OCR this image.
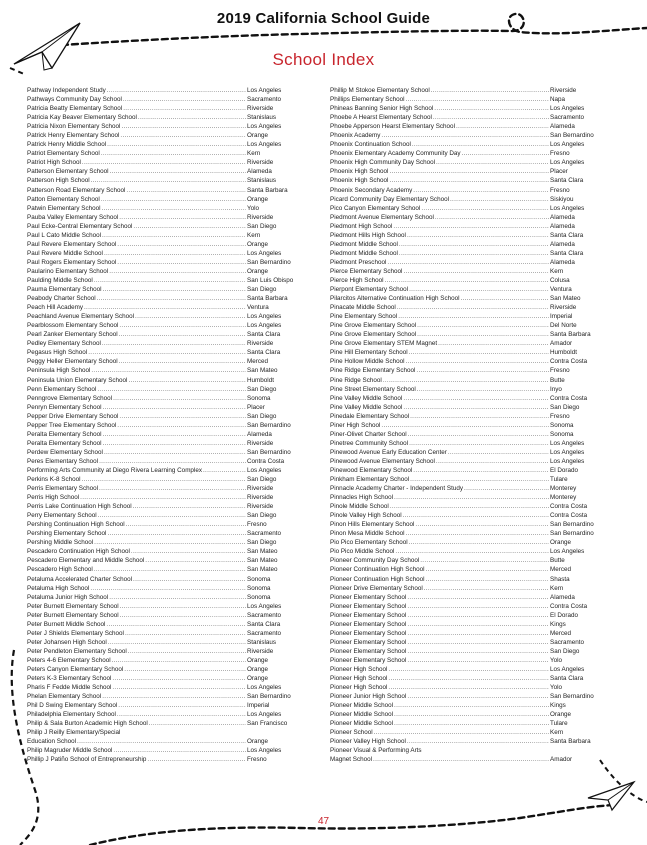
2019 California School Guide
School Index
Pathway Independent Study .....	Los Angeles
Pathways Community Day School .....	Sacramento
Patricia Beatty Elementary School .....	Riverside
Patricia Kay Beaver Elementary School .....	Stanislaus
Patricia Nixon Elementary School .....	Los Angeles
Patrick Henry Elementary School .....	Orange
Patrick Henry Middle School .....	Los Angeles
Patriot Elementary School .....	Kern
Patriot High School .....	Riverside
Patterson Elementary School .....	Alameda
Patterson High School .....	Stanislaus
Patterson Road Elementary School .....	Santa Barbara
Patton Elementary School .....	Orange
Patwin Elementary School .....	Yolo
Pauba Valley Elementary School .....	Riverside
Paul Ecke-Central Elementary School .....	San Diego
Paul L Cato Middle School .....	Kern
Paul Revere Elementary School .....	Orange
Paul Revere Middle School .....	Los Angeles
Paul Rogers Elementary School .....	San Bernardino
Paularino Elementary School .....	Orange
Paulding Middle School .....	San Luis Obispo
Pauma Elementary School .....	San Diego
Peabody Charter School .....	Santa Barbara
Peach Hill Academy .....	Ventura
Peachland Avenue Elementary School .....	Los Angeles
Pearblossom Elementary School .....	Los Angeles
Pearl Zanker Elementary School .....	Santa Clara
Pedley Elementary School .....	Riverside
Pegasus High School .....	Santa Clara
Peggy Heller Elementary School .....	Merced
Peninsula High School .....	San Mateo
Peninsula Union Elementary School .....	Humboldt
Penn Elementary School .....	San Diego
Penngrove Elementary School .....	Sonoma
Penryn Elementary School .....	Placer
Pepper Drive Elementary School .....	San Diego
Pepper Tree Elementary School .....	San Bernardino
Peralta Elementary School .....	Alameda
Peralta Elementary School .....	Riverside
Perdew Elementary School .....	San Bernardino
Peres Elementary School .....	Contra Costa
Performing Arts Community at Diego Rivera Learning Complex .....	Los Angeles
Perkins K-8 School .....	San Diego
Perris Elementary School .....	Riverside
Perris High School .....	Riverside
Perris Lake Continuation High School .....	Riverside
Perry Elementary School .....	San Diego
Pershing Continuation High School .....	Fresno
Pershing Elementary School .....	Sacramento
Pershing Middle School .....	San Diego
Pescadero Continuation High School .....	San Mateo
Pescadero Elementary and Middle School .....	San Mateo
Pescadero High School .....	San Mateo
Petaluma Accelerated Charter School .....	Sonoma
Petaluma High School .....	Sonoma
Petaluma Junior High School .....	Sonoma
Peter Burnett Elementary School .....	Los Angeles
Peter Burnett Elementary School .....	Sacramento
Peter Burnett Middle School .....	Santa Clara
Peter J Shields Elementary School .....	Sacramento
Peter Johansen High School .....	Stanislaus
Peter Pendleton Elementary School .....	Riverside
Peters 4-6 Elementary School .....	Orange
Peters Canyon Elementary School .....	Orange
Peters K-3 Elementary School .....	Orange
Pharis F Fedde Middle School .....	Los Angeles
Phelan Elementary School .....	San Bernardino
Phil D Swing Elementary School .....	Imperial
Philadelphia Elementary School .....	Los Angeles
Philip & Sala Burton Academic High School .....	San Francisco
Philip J Reilly Elementary/Special
Education School .....	Orange
Philip Magruder Middle School .....	Los Angeles
Phillip J Patiño School of Entrepreneurship .....	Fresno
Phillip M Stokoe Elementary School .....	Riverside
Phillips Elementary School .....	Napa
Phineas Banning Senior High School .....	Los Angeles
Phoebe A Hearst Elementary School .....	Sacramento
Phoebe Apperson Hearst Elementary School .....	Alameda
Phoenix Academy .....	San Bernardino
Phoenix Continuation School .....	Los Angeles
Phoenix Elementary Academy Community Day .....	Fresno
Phoenix High Community Day School .....	Los Angeles
Phoenix High School .....	Placer
Phoenix High School .....	Santa Clara
Phoenix Secondary Academy .....	Fresno
Picard Community Day Elementary School .....	Siskiyou
Pico Canyon Elementary School .....	Los Angeles
Piedmont Avenue Elementary School .....	Alameda
Piedmont High School .....	Alameda
Piedmont Hills High School .....	Santa Clara
Piedmont Middle School .....	Alameda
Piedmont Middle School .....	Santa Clara
Piedmont Preschool .....	Alameda
Pierce Elementary School .....	Kern
Pierce High School .....	Colusa
Pierpont Elementary School .....	Ventura
Pilarcitos Alternative Continuation High School .....	San Mateo
Pinacate Middle School .....	Riverside
Pine Elementary School .....	Imperial
Pine Grove Elementary School .....	Del Norte
Pine Grove Elementary School .....	Santa Barbara
Pine Grove Elementary STEM Magnet .....	Amador
Pine Hill Elementary School .....	Humboldt
Pine Hollow Middle School .....	Contra Costa
Pine Ridge Elementary School .....	Fresno
Pine Ridge School .....	Butte
Pine Street Elementary School .....	Inyo
Pine Valley Middle School .....	Contra Costa
Pine Valley Middle School .....	San Diego
Pinedale Elementary School .....	Fresno
Piner High School .....	Sonoma
Piner-Olivet Charter School .....	Sonoma
Pinetree Community School .....	Los Angeles
Pinewood Avenue Early Education Center .....	Los Angeles
Pinewood Avenue Elementary School .....	Los Angeles
Pinewood Elementary School .....	El Dorado
Pinkham Elementary School .....	Tulare
Pinnacle Academy Charter - Independent Study .....	Monterey
Pinnacles High School .....	Monterey
Pinole Middle School .....	Contra Costa
Pinole Valley High School .....	Contra Costa
Pinon Hills Elementary School .....	San Bernardino
Pinon Mesa Middle School .....	San Bernardino
Pio Pico Elementary School .....	Orange
Pio Pico Middle School .....	Los Angeles
Pioneer Community Day School .....	Butte
Pioneer Continuation High School .....	Merced
Pioneer Continuation High School .....	Shasta
Pioneer Drive Elementary School .....	Kern
Pioneer Elementary School .....	Alameda
Pioneer Elementary School .....	Contra Costa
Pioneer Elementary School .....	El Dorado
Pioneer Elementary School .....	Kings
Pioneer Elementary School .....	Merced
Pioneer Elementary School .....	Sacramento
Pioneer Elementary School .....	San Diego
Pioneer Elementary School .....	Yolo
Pioneer High School .....	Los Angeles
Pioneer High School .....	Santa Clara
Pioneer High School .....	Yolo
Pioneer Junior High School .....	San Bernardino
Pioneer Middle School .....	Kings
Pioneer Middle School .....	Orange
Pioneer Middle School .....	Tulare
Pioneer School .....	Kern
Pioneer Valley High School .....	Santa Barbara
Pioneer Visual & Performing Arts
Magnet School .....	Amador
47
